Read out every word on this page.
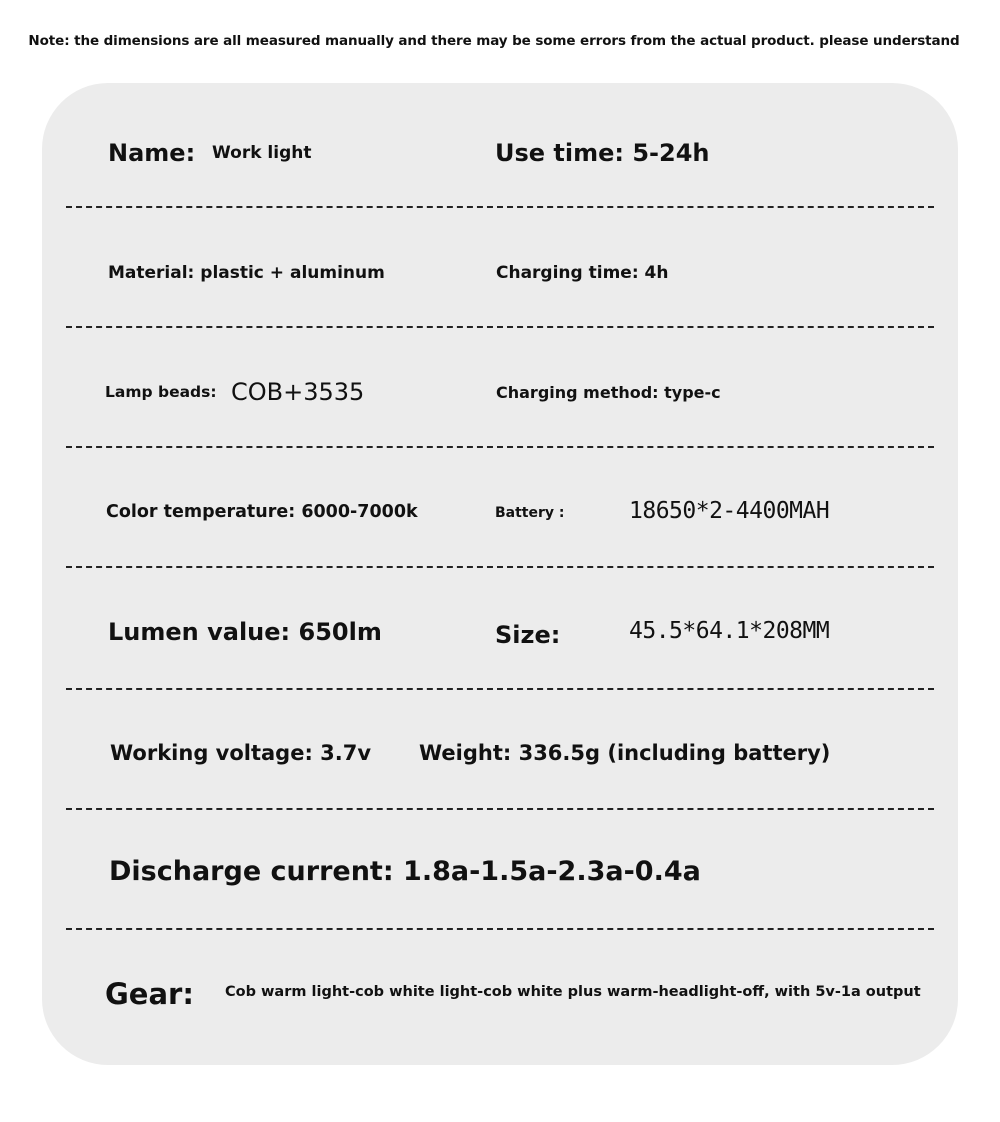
Note: the dimensions are all measured manually and there may be some errors from the actual product. please understand
Name: Work light	Use time: 5-24h
Material: plastic + aluminum	Charging time: 4h
Lamp beads: COB+3535	Charging method: type-c
Color temperature: 6000-7000k	Battery :	18650*2-4400MAH
Lumen value: 650lm	Size:	45.5*64.1*208MM
Working voltage: 3.7v Weight: 336.5g (including battery)
Discharge current: 1.8a-1.5a-2.3a-0.4a
Gear: Cob warm light-cob white light-cob white plus warm-headlight-off, with 5v-1a output
